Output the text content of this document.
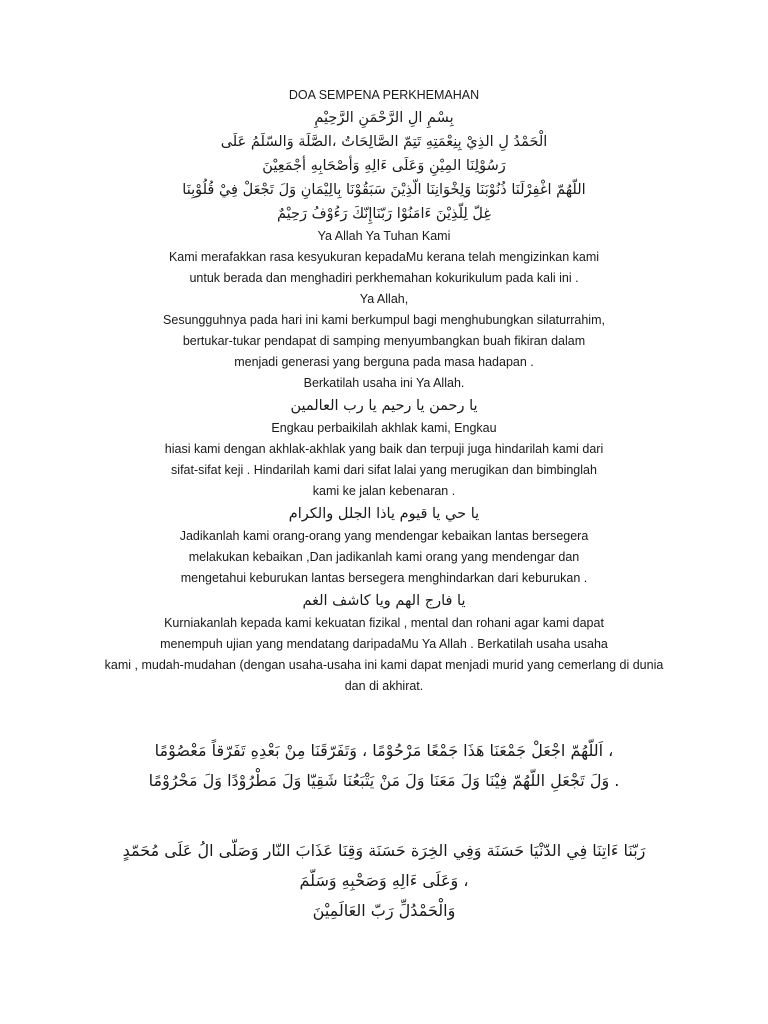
DOA SEMPENA PERKHEMAHAN

بِسْمِ الِ الرَّحْمَنِ الرَّحِيْمِ

الْحَمْدُ لِ الذِيْ بِنِعْمَتِهِ تَتِمّ الصَّالِحَاتُ ،الصَّلَة وَالسّلَمُ عَلَى

رَسُوْلِنَا المِيْنِ وَعَلَى ءَالِهِ وَأصْحَابِهِ أجْمَعِيْنَ

اللّهُمّ اغْفِرْلَنَا ذُنُوْبَنَا وَلِخْوَانِنَا الّذِيْنَ سَبَقُوْنَا بِالِيْمَانِ وَلَ تَجْعَلْ فِيْ قُلُوْبِنَا

غِلّ لِلّذِيْنَ ءَامَنُوْا رَبّنَاإِنّكَ رَءُوْفُ رَحِيْمٌ

Ya Allah Ya Tuhan Kami

Kami merafakkan rasa kesyukuran kepadaMu kerana telah mengizinkan kami

untuk berada dan menghadiri perkhemahan kokurikulum pada kali ini .

Ya Allah,

Sesungguhnya pada hari ini kami berkumpul bagi menghubungkan silaturrahim,

bertukar-tukar pendapat di samping menyumbangkan buah fikiran dalam

menjadi generasi yang berguna pada masa hadapan .

Berkatilah usaha ini Ya Allah.

يا رحمن يا رحيم يا رب العالمين

Engkau perbaikilah akhlak kami, Engkau

hiasi kami dengan akhlak-akhlak yang baik dan terpuji juga hindarilah kami dari

sifat-sifat keji . Hindarilah kami dari sifat lalai yang merugikan dan bimbinglah

kami ke jalan kebenaran .

يا حي يا قيوم ياذا الجلل والكرام

Jadikanlah kami orang-orang yang mendengar kebaikan lantas bersegera

melakukan kebaikan ,Dan jadikanlah kami orang yang mendengar dan

mengetahui keburukan lantas bersegera menghindarkan dari keburukan .

يا فارج الهم ويا كاشف الغم

Kurniakanlah kepada kami kekuatan fizikal , mental dan rohani agar kami dapat

menempuh ujian yang mendatang daripadaMu Ya Allah . Berkatilah usaha usaha

kami , mudah-mudahan (dengan usaha-usaha ini kami dapat menjadi murid yang cemerlang di dunia

dan di akhirat.

، اَللّهُمّ اجْعَلْ جَمْعَنَا هَذَا جَمْعًا مَرْحُوْمًا ، وَتَفَرّقَنَا مِنْ بَعْدِهِ تَفَرّقاً مَعْصُوْمًا

. وَلَ تَجْعَلِ اللّهُمّ فِيْنَا وَلَ مَعَنَا وَلَ مَنْ يَتْبَعُنَا شَقِيّا وَلَ مَطْرُوْدًا وَلَ مَحْرُوْمًا

رَبّنَا ءَاتِنَا فِي الدّنْيَا حَسَنَة وَفِي الخِرَة حَسَنَة وَقِنَا عَذَابَ النّار وَصَلّى الُ عَلَى مُحَمّدٍ

، وَعَلَى ءَالِهِ وَصَحْبِهِ وَسَلّمَ

وَالْحَمْدُلِّ رَبّ العَالَمِيْنَ
